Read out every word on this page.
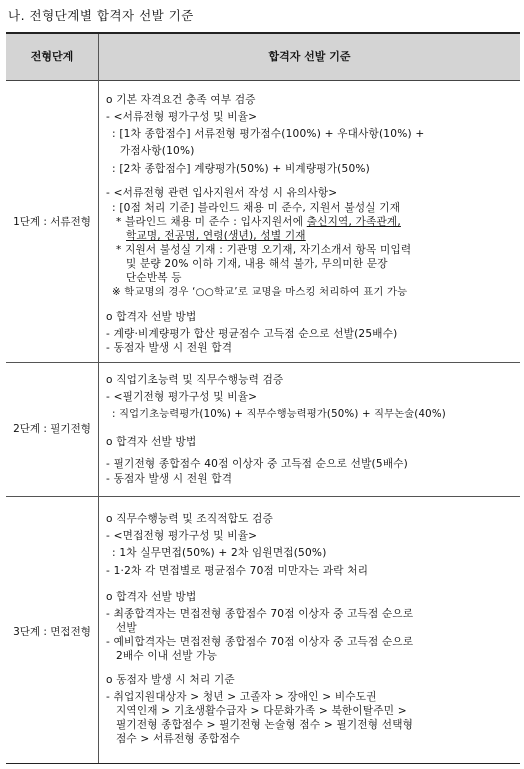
나. 전형단계별 합격자 선발 기준
전형단계	합격자 선발 기준
1단계 : 서류전형
2단계 : 필기전형
3단계 : 면접전형
o 기본 자격요건 충족 여부 검증
- <서류전형 평가구성 및 비율>
: [1차 종합점수] 서류전형 평가점수(100%) + 우대사항(10%) +
가점사항(10%)
: [2차 종합점수] 계량평가(50%) + 비계량평가(50%)
- <서류전형 관련 입사지원서 작성 시 유의사항>
: [0점 처리 기준] 블라인드 채용 미 준수, 지원서 불성실 기재
* 블라인드 채용 미 준수 : 입사지원서에 출신지역, 가족관계,
학교명, 전공명, 연령(생년), 성별 기재
* 지원서 불성실 기재 : 기관명 오기재, 자기소개서 항목 미입력
및 분량 20% 이하 기재, 내용 해석 불가, 무의미한 문장
단순반복 등
※ 학교명의 경우 ‘○○학교’로 교명을 마스킹 처리하여 표기 가능
o 합격자 선발 방법
- 계량·비계량평가 합산 평균점수 고득점 순으로 선발(25배수)
- 동점자 발생 시 전원 합격
o 직업기초능력 및 직무수행능력 검증
- <필기전형 평가구성 및 비율>
: 직업기초능력평가(10%) + 직무수행능력평가(50%) + 직무논술(40%)
o 합격자 선발 방법
- 필기전형 종합점수 40점 이상자 중 고득점 순으로 선발(5배수)
- 동점자 발생 시 전원 합격
o 직무수행능력 및 조직적합도 검증
- <면접전형 평가구성 및 비율>
: 1차 실무면접(50%) + 2차 임원면접(50%)
- 1·2차 각 면접별로 평균점수 70점 미만자는 과락 처리
o 합격자 선발 방법
- 최종합격자는 면접전형 종합점수 70점 이상자 중 고득점 순으로
선발
- 예비합격자는 면접전형 종합점수 70점 이상자 중 고득점 순으로
2배수 이내 선발 가능
o 동점자 발생 시 처리 기준
- 취업지원대상자 > 청년 > 고졸자 > 장애인 > 비수도권
지역인재 > 기초생활수급자 > 다문화가족 > 북한이탈주민 >
필기전형 종합점수 > 필기전형 논술형 점수 > 필기전형 선택형
점수 > 서류전형 종합점수
